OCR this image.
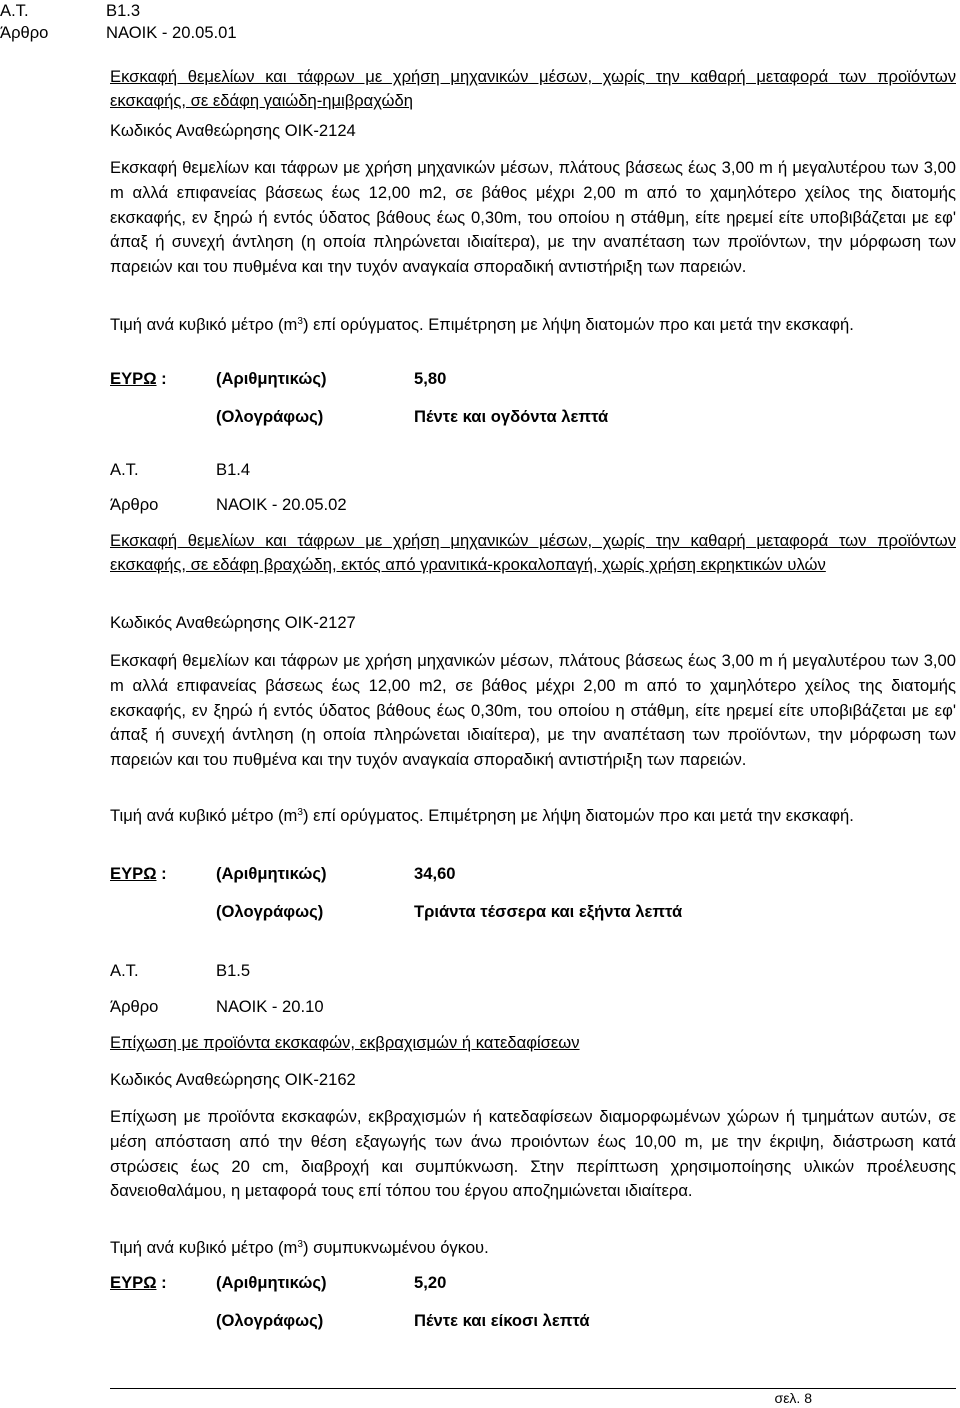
Α.Τ.	Β1.3
Άρθρο	ΝΑΟΙΚ - 20.05.01
Εκσκαφή θεμελίων και τάφρων με χρήση μηχανικών μέσων, χωρίς την καθαρή μεταφορά των προϊόντων εκσκαφής, σε εδάφη γαιώδη-ημιβραχώδη
Κωδικός Αναθεώρησης ΟΙΚ-2124
Εκσκαφή θεμελίων και τάφρων με χρήση μηχανικών μέσων, πλάτους βάσεως έως 3,00 m ή μεγαλυτέρου των 3,00 m αλλά επιφανείας βάσεως έως 12,00 m2, σε βάθος μέχρι 2,00 m από το χαμηλότερο χείλος της διατομής εκσκαφής, εν ξηρώ ή εντός ύδατος βάθους έως 0,30m, του οποίου η στάθμη, είτε ηρεμεί είτε υποβιβάζεται με εφ' άπαξ ή συνεχή άντληση (η οποία πληρώνεται ιδιαίτερα), με την αναπέταση των προϊόντων, την μόρφωση των παρειών και του πυθμένα και την τυχόν αναγκαία σποραδική αντιστήριξη των παρειών.
Τιμή ανά κυβικό μέτρο $(m^3)$ επί ορύγματος. Επιμέτρηση με λήψη διατομών προ και μετά την εκσκαφή.
ΕΥΡΩ :	(Αριθμητικώς)	5,80
(Ολογράφως)	Πέντε και ογδόντα λεπτά
Α.Τ.	Β1.4
Άρθρο	ΝΑΟΙΚ - 20.05.02
Εκσκαφή θεμελίων και τάφρων με χρήση μηχανικών μέσων, χωρίς την καθαρή μεταφορά των προϊόντων εκσκαφής, σε εδάφη βραχώδη, εκτός από γρανιτικά-κροκαλοπαγή, χωρίς χρήση εκρηκτικών υλών
Κωδικός Αναθεώρησης ΟΙΚ-2127
Εκσκαφή θεμελίων και τάφρων με χρήση μηχανικών μέσων, πλάτους βάσεως έως 3,00 m ή μεγαλυτέρου των 3,00 m αλλά επιφανείας βάσεως έως 12,00 m2, σε βάθος μέχρι 2,00 m από το χαμηλότερο χείλος της διατομής εκσκαφής, εν ξηρώ ή εντός ύδατος βάθους έως 0,30m, του οποίου η στάθμη, είτε ηρεμεί είτε υποβιβάζεται με εφ' άπαξ ή συνεχή άντληση (η οποία πληρώνεται ιδιαίτερα), με την αναπέταση των προϊόντων, την μόρφωση των παρειών και του πυθμένα και την τυχόν αναγκαία σποραδική αντιστήριξη των παρειών.
Τιμή ανά κυβικό μέτρο $(m^3)$ επί ορύγματος. Επιμέτρηση με λήψη διατομών προ και μετά την εκσκαφή.
ΕΥΡΩ :	(Αριθμητικώς)	34,60
(Ολογράφως)	Τριάντα τέσσερα και εξήντα λεπτά
Α.Τ.	Β1.5
Άρθρο	ΝΑΟΙΚ - 20.10
Επίχωση με προϊόντα εκσκαφών, εκβραχισμών ή κατεδαφίσεων
Κωδικός Αναθεώρησης ΟΙΚ-2162
Επίχωση με προϊόντα εκσκαφών, εκβραχισμών ή κατεδαφίσεων διαμορφωμένων χώρων ή τμημάτων αυτών, σε μέση απόσταση από την θέση εξαγωγής των άνω προιόντων έως 10,00 m, με την έκριψη, διάστρωση κατά στρώσεις έως 20 cm, διαβροχή και συμπύκνωση. Στην περίπτωση χρησιμοποίησης υλικών προέλευσης δανειοθαλάμου, η μεταφορά τους επί τόπου του έργου αποζημιώνεται ιδιαίτερα.
Τιμή ανά κυβικό μέτρο $(m^3)$ συμπυκνωμένου όγκου.
ΕΥΡΩ :	(Αριθμητικώς)	5,20
(Ολογράφως)	Πέντε και είκοσι λεπτά
σελ. 8
